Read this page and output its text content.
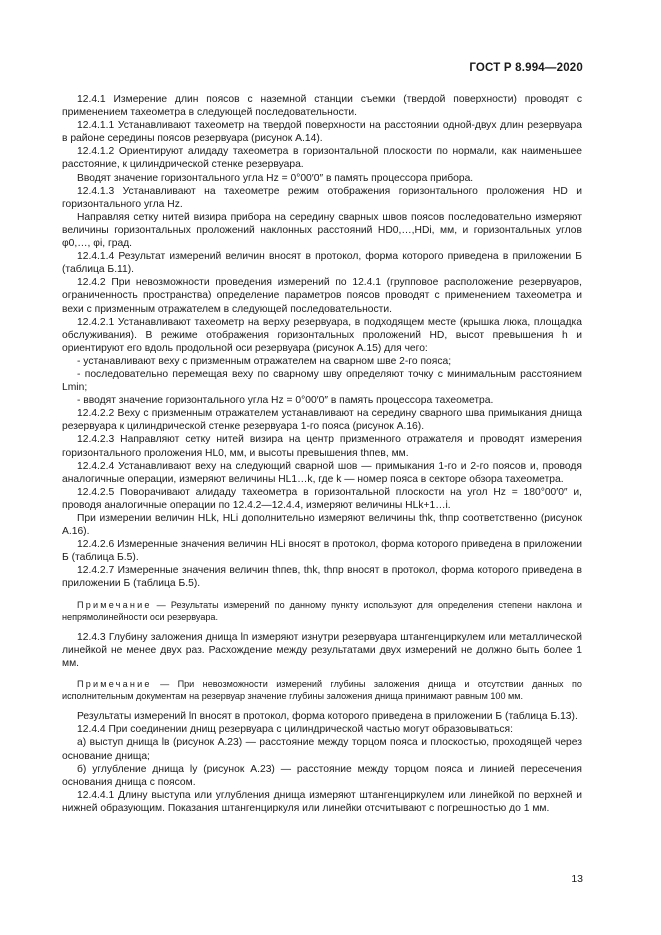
ГОСТ Р 8.994—2020

12.4.1 Измерение длин поясов с наземной станции съемки (твердой поверхности) проводят с применением тахеометра в следующей последовательности.

12.4.1.1 Устанавливают тахеометр на твердой поверхности на расстоянии одной-двух длин резервуара в районе середины поясов резервуара (рисунок А.14).

12.4.1.2 Ориентируют алидаду тахеометра в горизонтальной плоскости по нормали, как наименьшее расстояние, к цилиндрической стенке резервуара.

Вводят значение горизонтального угла Hz = 0°00′0″ в память процессора прибора.

12.4.1.3 Устанавливают на тахеометре режим отображения горизонтального проложения HD и горизонтального угла Hz.

Направляя сетку нитей визира прибора на середину сварных швов поясов последовательно измеряют величины горизонтальных проложений наклонных расстояний HD0,…,HDi, мм, и горизонтальных углов φ0,…, φi, град.

12.4.1.4 Результат измерений величин вносят в протокол, форма которого приведена в приложении Б (таблица Б.11).

12.4.2 При невозможности проведения измерений по 12.4.1 (групповое расположение резервуаров, ограниченность пространства) определение параметров поясов проводят с применением тахеометра и вехи с призменным отражателем в следующей последовательности.

12.4.2.1 Устанавливают тахеометр на верху резервуара, в подходящем месте (крышка люка, площадка обслуживания). В режиме отображения горизонтальных проложений HD, высот превышения h и ориентируют его вдоль продольной оси резервуара (рисунок А.15) для чего:

- устанавливают веху с призменным отражателем на сварном шве 2-го пояса;

- последовательно перемещая веху по сварному шву определяют точку с минимальным расстоянием Lmin;

- вводят значение горизонтального угла Hz = 0°00′0″ в память процессора тахеометра.

12.4.2.2 Веху с призменным отражателем устанавливают на середину сварного шва примыкания днища резервуара к цилиндрической стенке резервуара 1-го пояса (рисунок А.16).

12.4.2.3 Направляют сетку нитей визира на центр призменного отражателя и проводят измерения горизонтального проложения HL0, мм, и высоты превышения thпев, мм.

12.4.2.4 Устанавливают веху на следующий сварной шов — примыкания 1-го и 2-го поясов и, проводя аналогичные операции, измеряют величины HL1…k, где k — номер пояса в секторе обзора тахеометра.

12.4.2.5 Поворачивают алидаду тахеометра в горизонтальной плоскости на угол Hz = 180°00′0″ и, проводя аналогичные операции по 12.4.2—12.4.4, измеряют величины HLk+1…i.

При измерении величин HLk, HLi дополнительно измеряют величины thk, thпр соответственно (рисунок А.16).

12.4.2.6 Измеренные значения величин HLi вносят в протокол, форма которого приведена в приложении Б (таблица Б.5).

12.4.2.7 Измеренные значения величин thпев, thk, thпр вносят в протокол, форма которого приведена в приложении Б (таблица Б.5).

Примечание — Результаты измерений по данному пункту используют для определения степени наклона и непрямолинейности оси резервуара.

12.4.3 Глубину заложения днища lп измеряют изнутри резервуара штангенциркулем или металлической линейкой не менее двух раз. Расхождение между результатами двух измерений не должно быть более 1 мм.

Примечание — При невозможности измерений глубины заложения днища и отсутствии данных по исполнительным документам на резервуар значение глубины заложения днища принимают равным 100 мм.

Результаты измерений lп вносят в протокол, форма которого приведена в приложении Б (таблица Б.13).

12.4.4 При соединении днищ резервуара с цилиндрической частью могут образовываться:

а) выступ днища lв (рисунок А.23) — расстояние между торцом пояса и плоскостью, проходящей через основание днища;

б) углубление днища lу (рисунок А.23) — расстояние между торцом пояса и линией пересечения основания днища с поясом.

12.4.4.1 Длину выступа или углубления днища измеряют штангенциркулем или линейкой по верхней и нижней образующим. Показания штангенциркуля или линейки отсчитывают с погрешностью до 1 мм.

13
